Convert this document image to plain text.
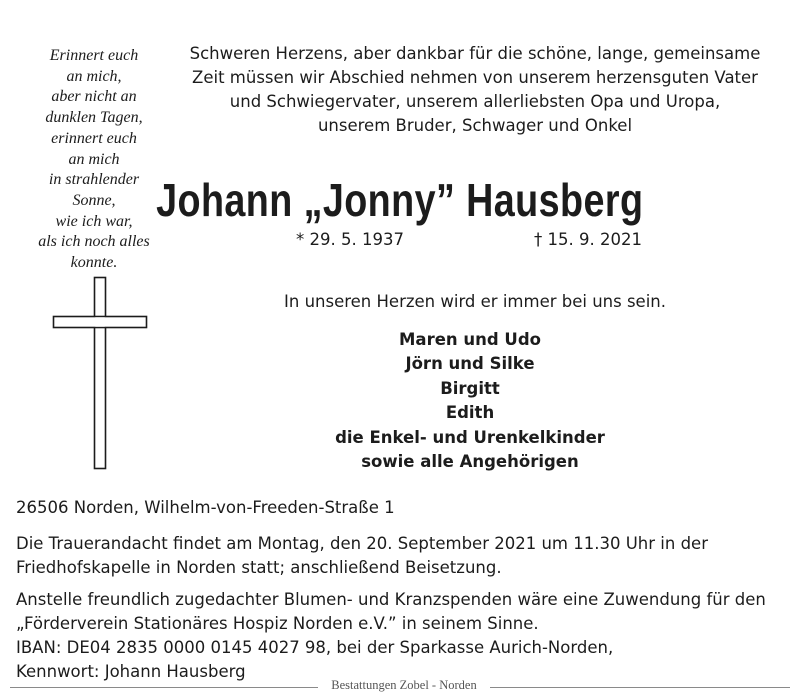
Erinnert euch
an mich,
aber nicht an
dunklen Tagen,
erinnert euch
an mich
in strahlender
Sonne,
wie ich war,
als ich noch alles
konnte.
Schweren Herzens, aber dankbar für die schöne, lange, gemeinsame
Zeit müssen wir Abschied nehmen von unserem herzensguten Vater
und Schwiegervater, unserem allerliebsten Opa und Uropa,
unserem Bruder, Schwager und Onkel
Johann „Jonny” Hausberg
* 29. 5. 1937	† 15. 9. 2021
In unseren Herzen wird er immer bei uns sein.
Maren und Udo
Jörn und Silke
Birgitt
Edith
die Enkel- und Urenkelkinder
sowie alle Angehörigen
26506 Norden, Wilhelm-von-Freeden-Straße 1
Die Trauerandacht findet am Montag, den 20. September 2021 um 11.30 Uhr in der
Friedhofskapelle in Norden statt; anschließend Beisetzung.
Anstelle freundlich zugedachter Blumen- und Kranzspenden wäre eine Zuwendung für den
„Förderverein Stationäres Hospiz Norden e.V.” in seinem Sinne.
IBAN: DE04 2835 0000 0145 4027 98, bei der Sparkasse Aurich-Norden,
Kennwort: Johann Hausberg
Bestattungen Zobel - Norden
